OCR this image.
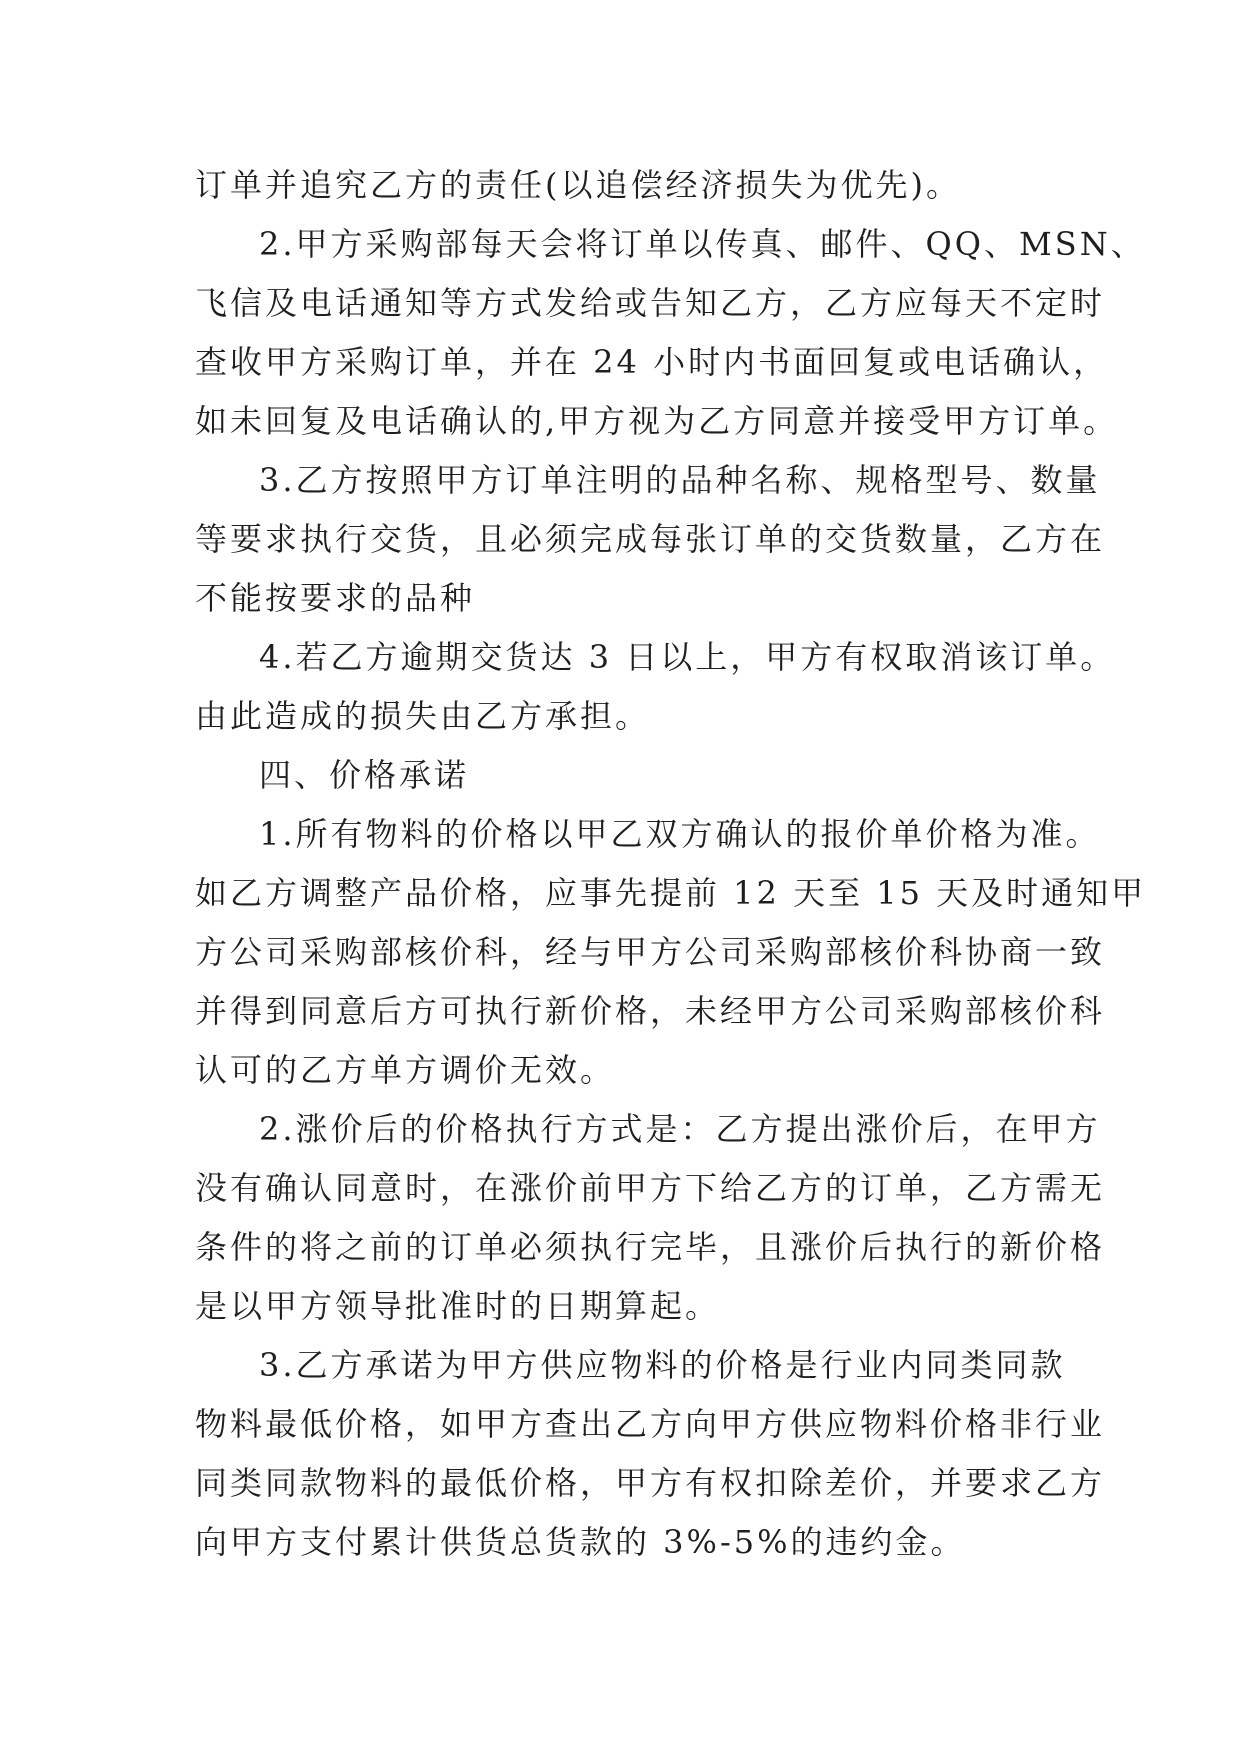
订单并追究乙方的责任(以追偿经济损失为优先)。
2.甲方采购部每天会将订单以传真、邮件、QQ、MSN、
飞信及电话通知等方式发给或告知乙方，乙方应每天不定时
查收甲方采购订单，并在 24 小时内书面回复或电话确认，
如未回复及电话确认的,甲方视为乙方同意并接受甲方订单。
3.乙方按照甲方订单注明的品种名称、规格型号、数量
等要求执行交货，且必须完成每张订单的交货数量，乙方在
不能按要求的品种
4.若乙方逾期交货达 3 日以上，甲方有权取消该订单。
由此造成的损失由乙方承担。
四、价格承诺
1.所有物料的价格以甲乙双方确认的报价单价格为准。
如乙方调整产品价格，应事先提前 12 天至 15 天及时通知甲
方公司采购部核价科，经与甲方公司采购部核价科协商一致
并得到同意后方可执行新价格，未经甲方公司采购部核价科
认可的乙方单方调价无效。
2.涨价后的价格执行方式是：乙方提出涨价后，在甲方
没有确认同意时，在涨价前甲方下给乙方的订单，乙方需无
条件的将之前的订单必须执行完毕，且涨价后执行的新价格
是以甲方领导批准时的日期算起。
3.乙方承诺为甲方供应物料的价格是行业内同类同款
物料最低价格，如甲方查出乙方向甲方供应物料价格非行业
同类同款物料的最低价格，甲方有权扣除差价，并要求乙方
向甲方支付累计供货总货款的 3%-5%的违约金。
